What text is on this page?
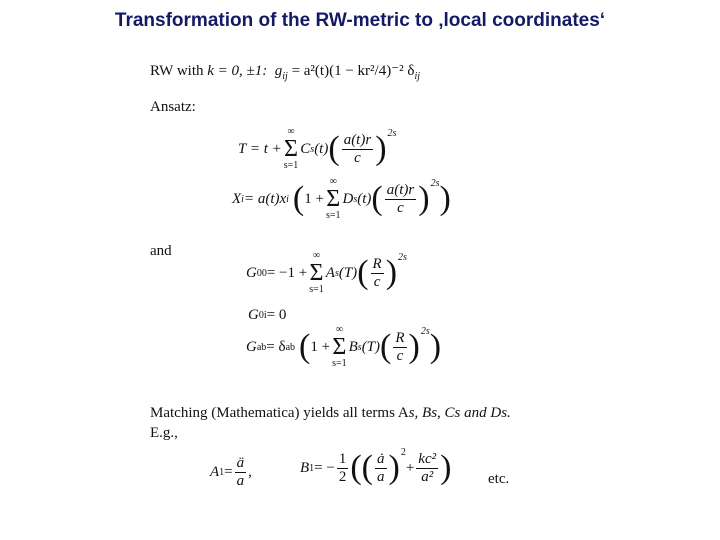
Transformation of the RW-metric to ‚local coordinates‘
RW with k = 0, ±1: $g_{ij} = a^2(t)(1 - kr^2/4)^{-2}$ $\delta_{ij}$
Ansatz:
T = t +
∞
Σ
s=1
C s (t) ( $\frac{a(t)r}{c}$ ) 2s
X i = a(t)x i ( 1 +
∞
Σ
s=1
D s (t) ( $\frac{a(t)r}{c}$ ) 2s )
and
G 00 = −1 +
∞
Σ
s=1
A s (T) ( $\frac{R}{c}$ ) 2s
G 0i = 0
G ab = δ ab ( 1 +
∞
Σ
s=1
B s (T) ( $\frac{R}{c}$ ) 2s )
Matching (Mathematica) yields all terms As, Bs, Cs and Ds.
E.g.,
A $1 = \frac{ä}{a}$ ,	B 1 = − $\frac{1}{2}$ ( ( $\frac{ȧ}{a}$ ) 2
+ $\frac{\text{kc²}}{\text{a²}}$ ) etc.
